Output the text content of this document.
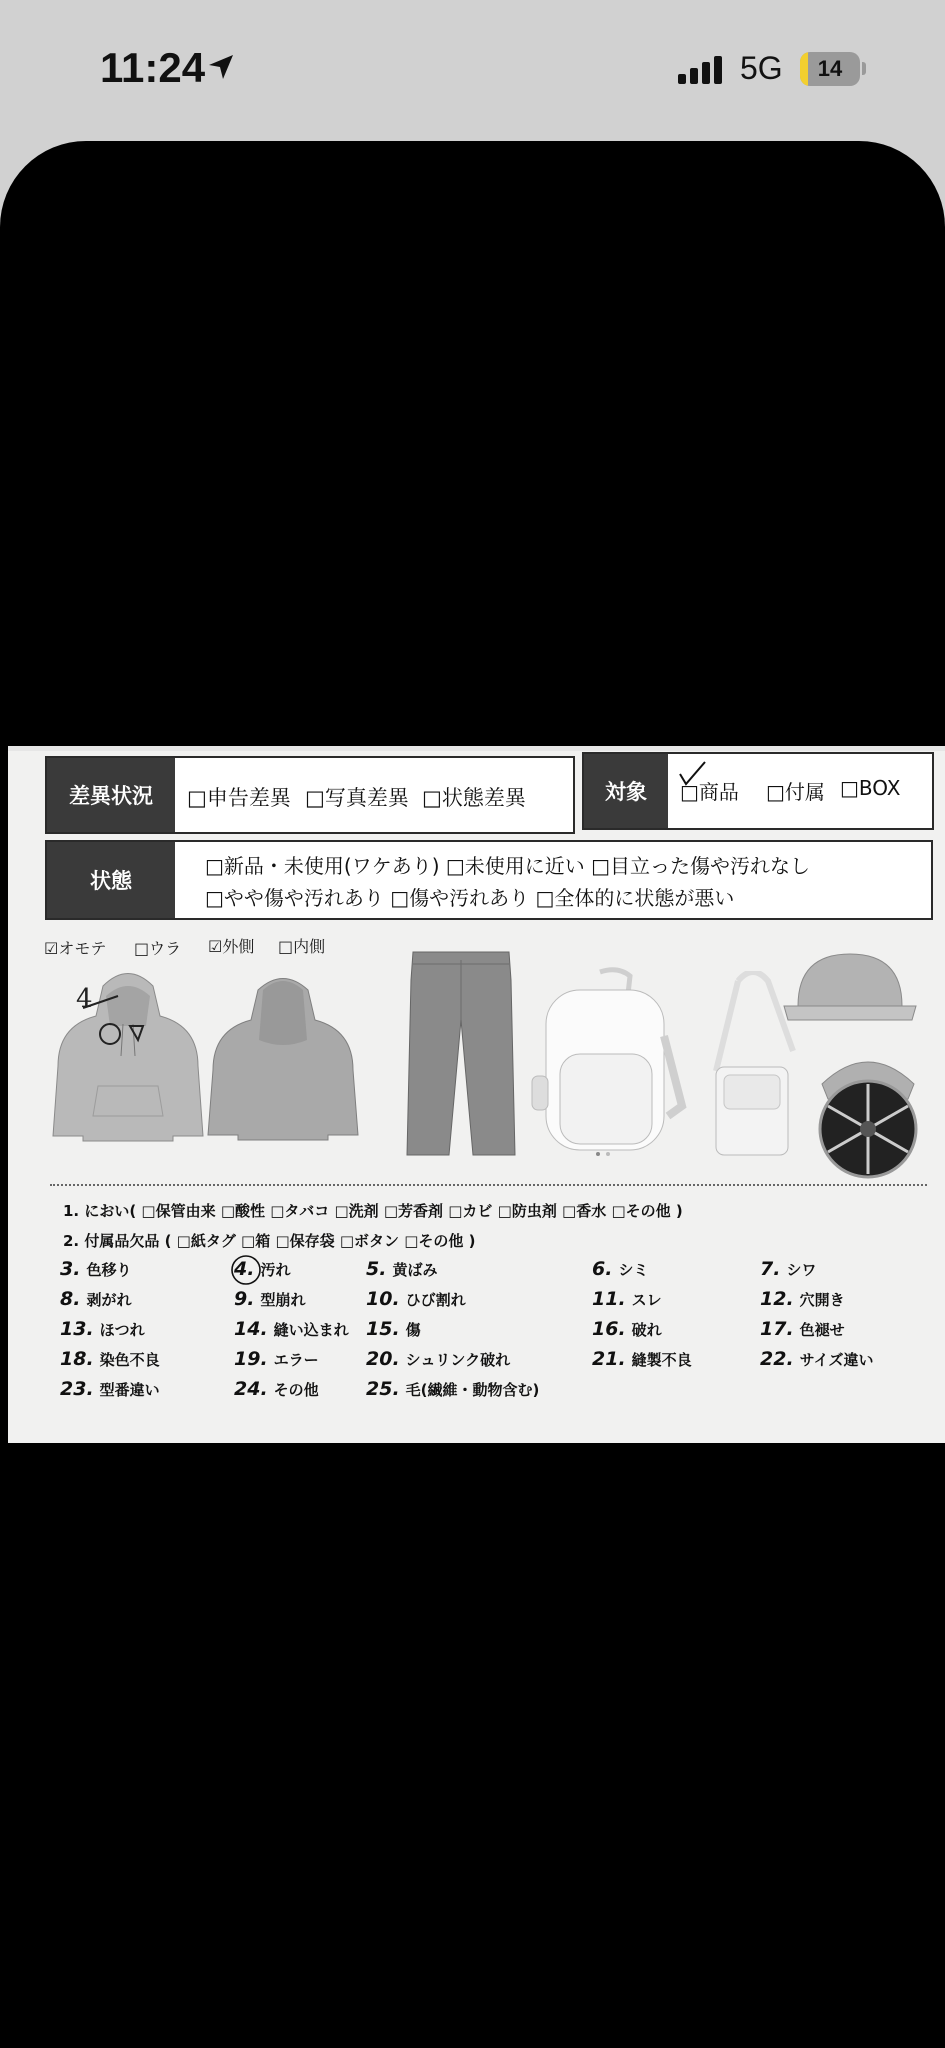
11:24	5G	14
差異状況	□申告差異 □写真差異 □状態差異	対象	□商品 □付属 □BOX
状態
□新品・未使用(ワケあり) □未使用に近い □目立った傷や汚れなし
□やや傷や汚れあり □傷や汚れあり □全体的に状態が悪い
☑オモテ □ウラ ☑外側 □内側
4
1. におい( □保管由来 □酸性 □タバコ □洗剤 □芳香剤 □カビ □防虫剤 □香水 □その他 )
2. 付属品欠品 ( □紙タグ □箱 □保存袋 □ボタン □その他 )
3. 色移り	4. 汚れ	5. 黄ばみ	6. シミ	7. シワ
8. 剥がれ	9. 型崩れ	10. ひび割れ	11. スレ	12. 穴開き
13. ほつれ	14. 縫い込まれ 15. 傷	16. 破れ	17. 色褪せ
18. 染色不良	19. エラー 20. シュリンク破れ	21. 縫製不良	22. サイズ違い
23. 型番違い	24. その他 25. 毛(繊維・動物含む)
